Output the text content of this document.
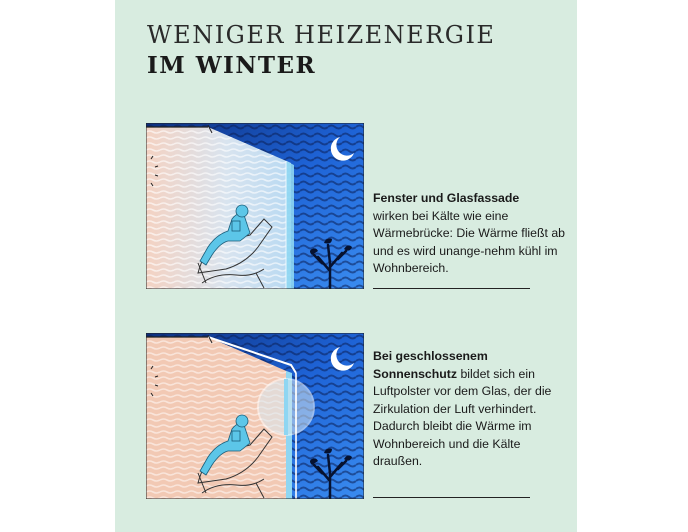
WENIGER HEIZENERGIE
IM WINTER
Fenster und Glasfassade
wirken bei Kälte wie eine Wärmebrücke: Die Wärme fließt ab und es wird unange-nehm kühl im Wohnbereich.
Bei geschlossenem Sonnenschutz bildet sich ein Luftpolster vor dem Glas, der die Zirkulation der Luft verhindert. Dadurch bleibt die Wärme im Wohnbereich und die Kälte draußen.
